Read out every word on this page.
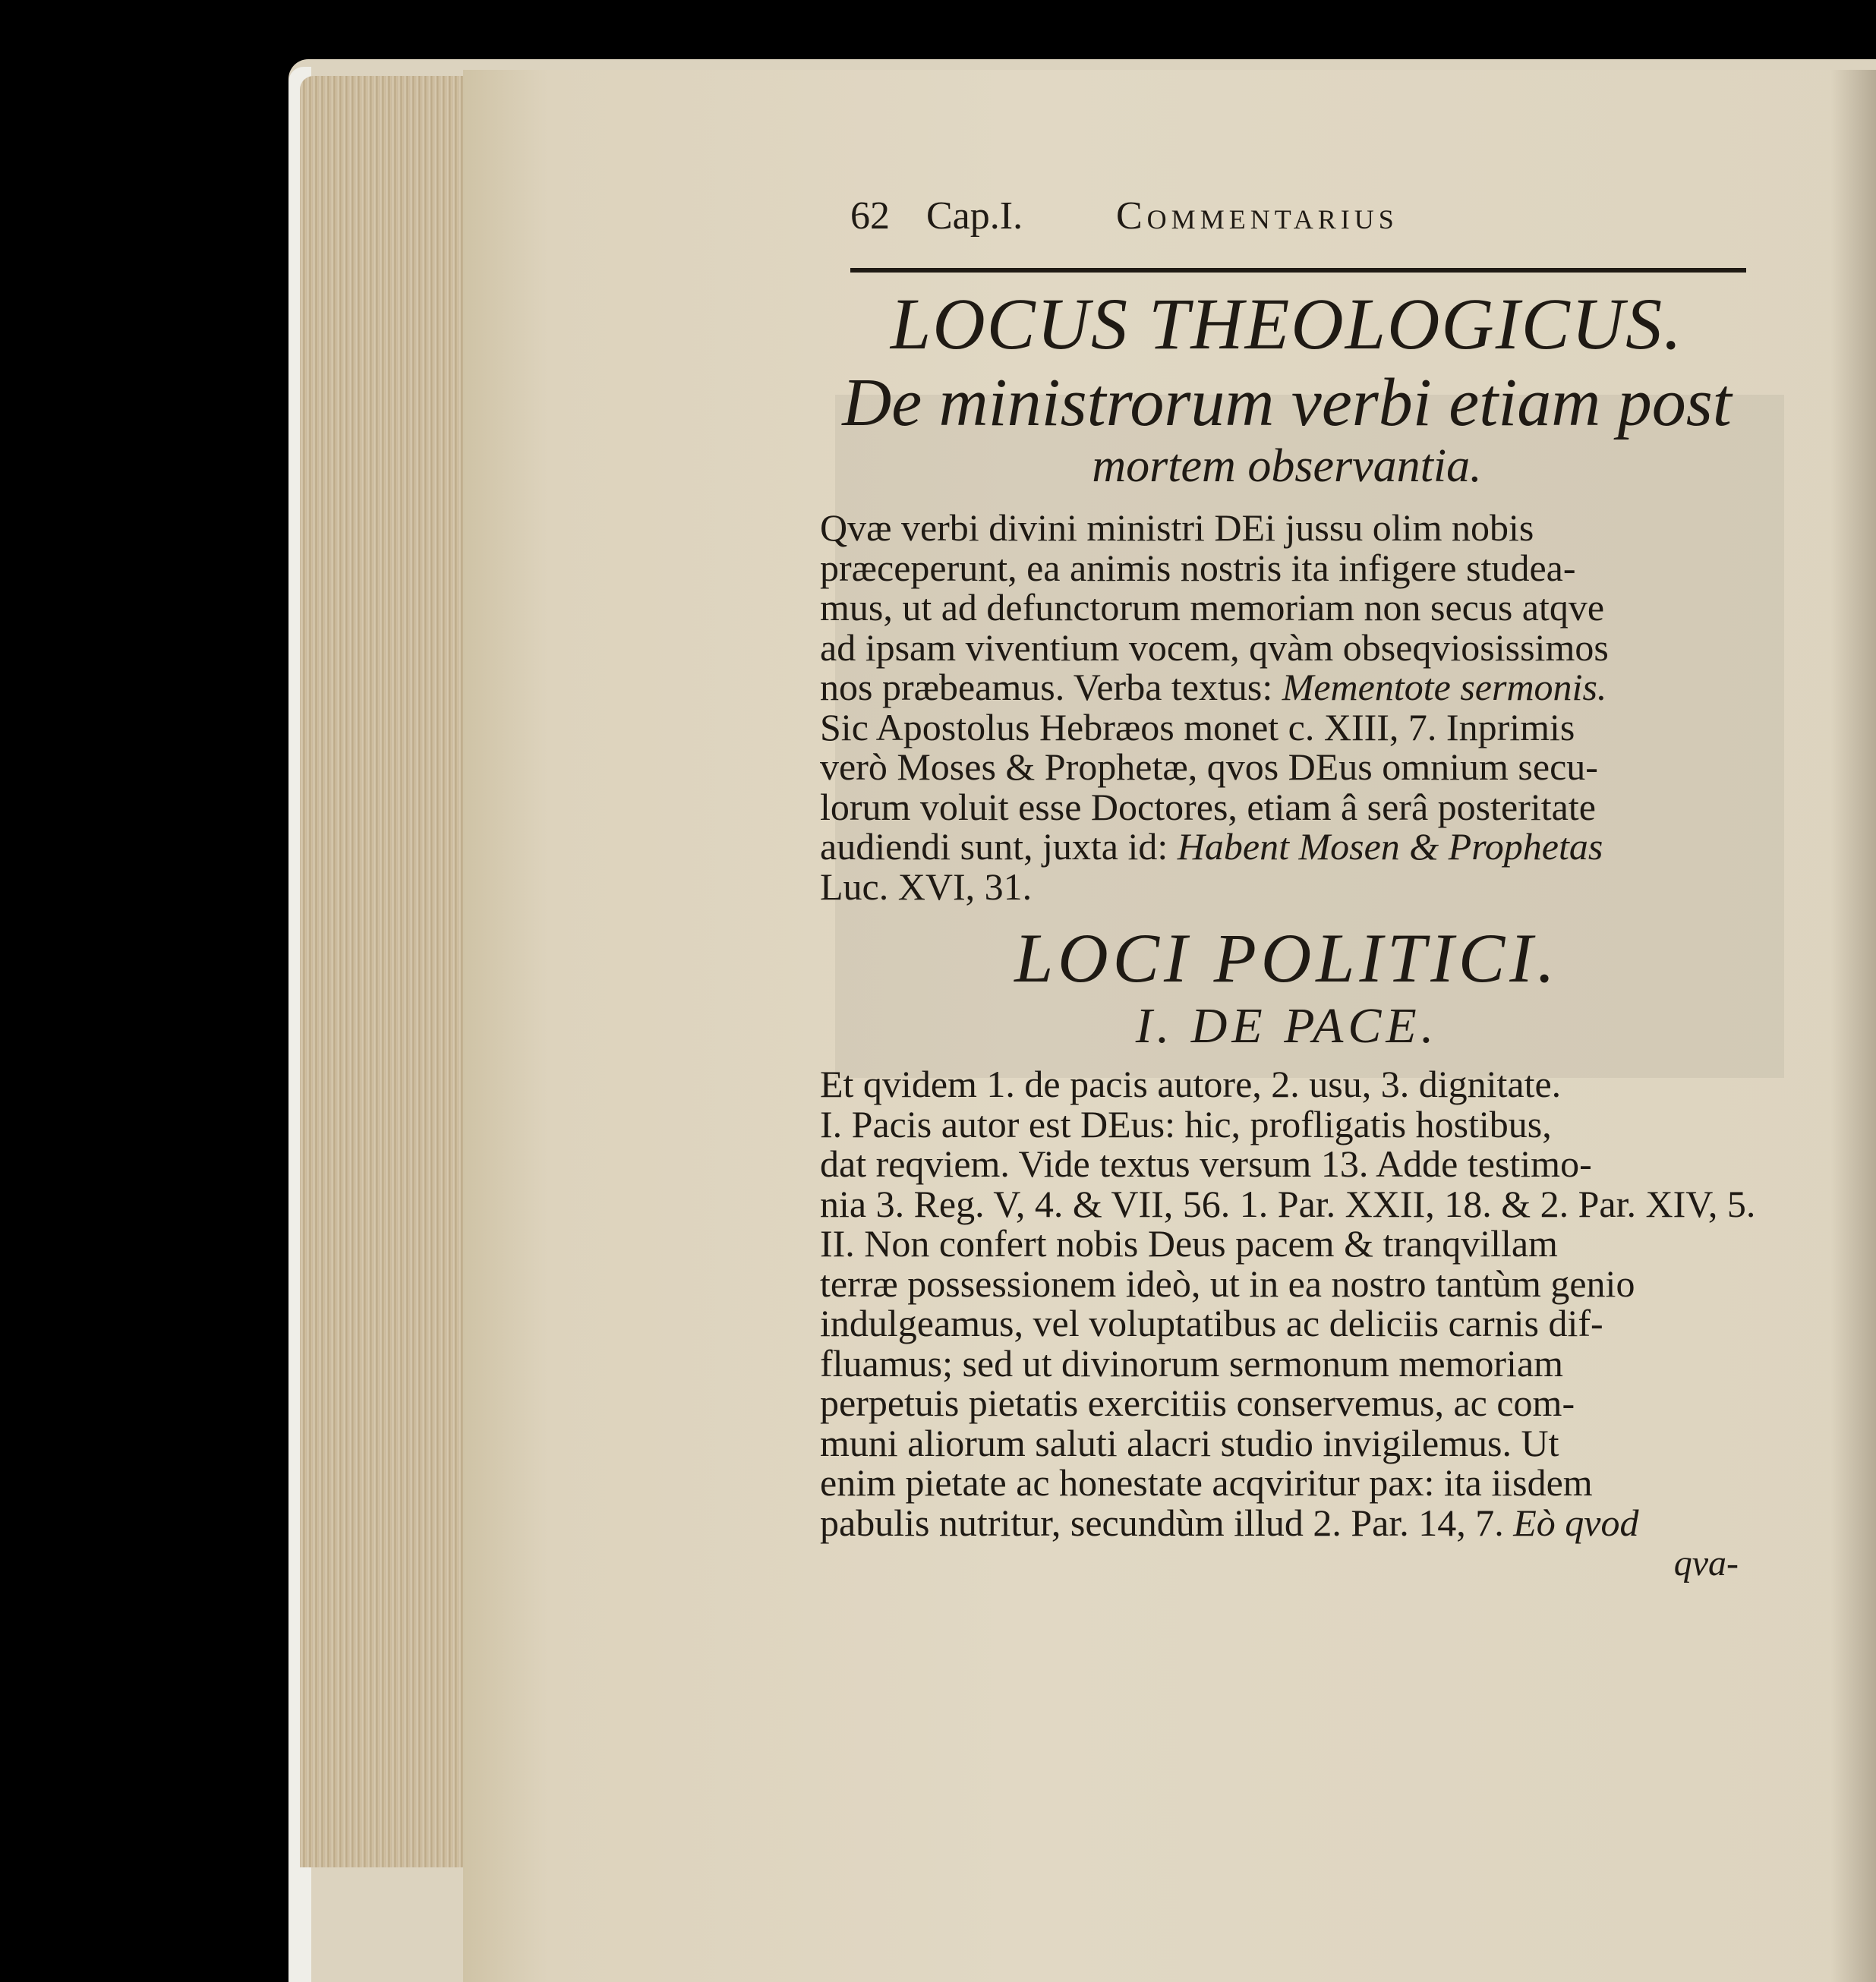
62 Cap.I.	Commentarius
LOCUS THEOLOGICUS.
De ministrorum verbi etiam post
mortem observantia.
Qvæ verbi divini ministri DEi jussu olim nobis
præceperunt, ea animis nostris ita infigere studea-
mus, ut ad defunctorum memoriam non secus atqve
ad ipsam viventium vocem, qvàm obseqviosissimos
nos præbeamus. Verba textus: Mementote sermonis.
Sic Apostolus Hebræos monet c. XIII, 7. Inprimis
verò Moses & Prophetæ, qvos DEus omnium secu-
lorum voluit esse Doctores, etiam â serâ posteritate
audiendi sunt, juxta id: Habent Mosen & Prophetas
Luc. XVI, 31.
LOCI POLITICI.
I. DE PACE.
Et qvidem 1. de pacis autore, 2. usu, 3. dignitate.
I. Pacis autor est DEus: hic, profligatis hostibus,
dat reqviem. Vide textus versum 13. Adde testimo-
nia 3. Reg. V, 4. & VII, 56. 1. Par. XXII, 18. & 2. Par. XIV, 5.
II. Non confert nobis Deus pacem & tranqvillam
terræ possessionem ideò, ut in ea nostro tantùm genio
indulgeamus, vel voluptatibus ac deliciis carnis dif-
fluamus; sed ut divinorum sermonum memoriam
perpetuis pietatis exercitiis conservemus, ac com-
muni aliorum saluti alacri studio invigilemus. Ut
enim pietate ac honestate acqviritur pax: ita iisdem
pabulis nutritur, secundùm illud 2. Par. 14, 7. Eò qvod
qva-
